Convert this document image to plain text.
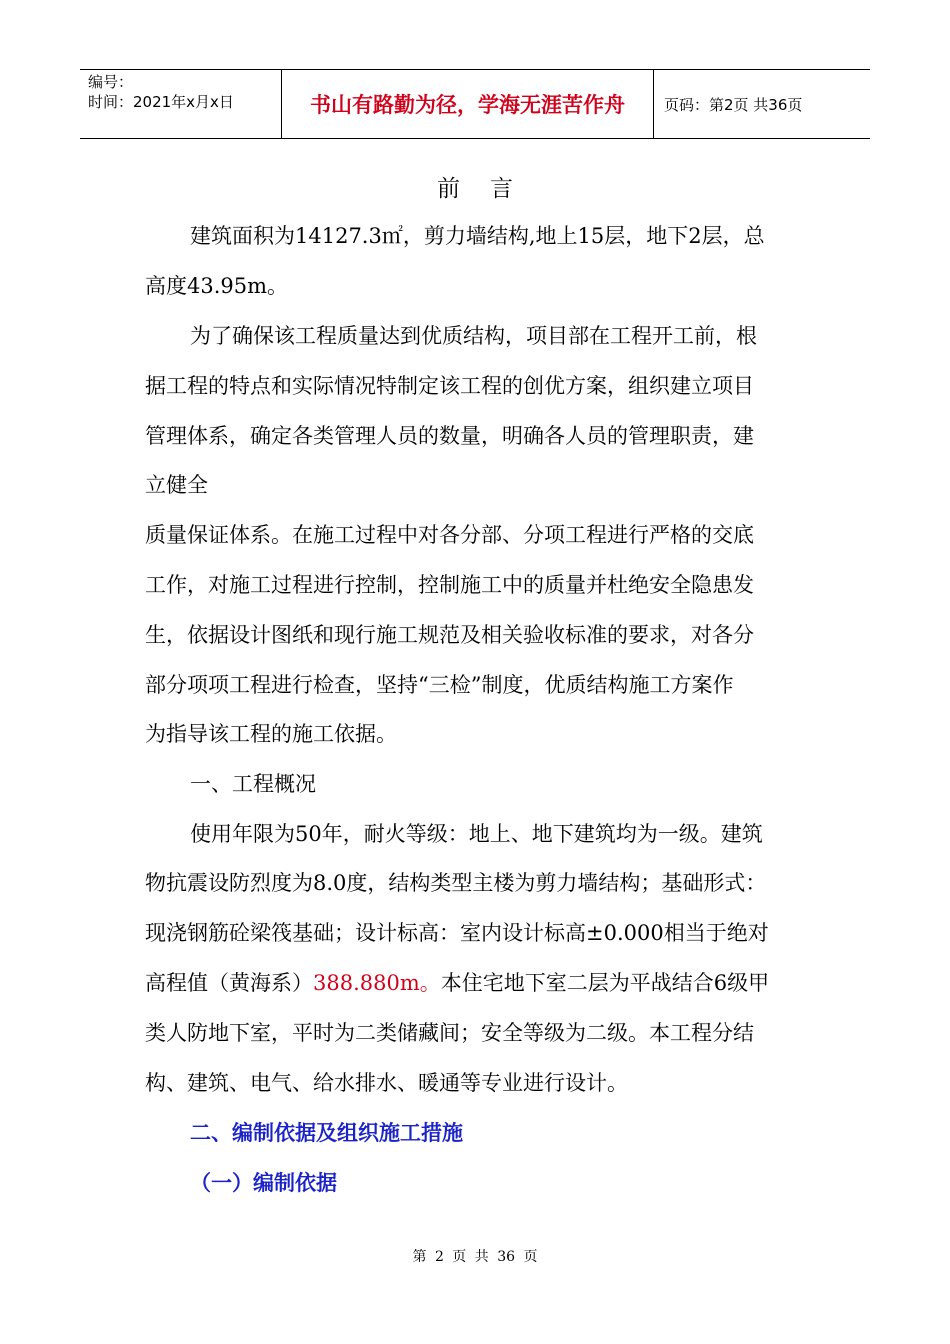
编号：
时间：2021年x月x日	书山有路勤为径，学海无涯苦作舟	页码：第2页 共36页
前言
建筑面积为14127.3㎡，剪力墙结构,地上15层，地下2层，总
高度43.95m。
为了确保该工程质量达到优质结构，项目部在工程开工前，根
据工程的特点和实际情况特制定该工程的创优方案，组织建立项目
管理体系，确定各类管理人员的数量，明确各人员的管理职责，建
立健全
质量保证体系。在施工过程中对各分部、分项工程进行严格的交底
工作，对施工过程进行控制，控制施工中的质量并杜绝安全隐患发
生，依据设计图纸和现行施工规范及相关验收标准的要求，对各分
部分项项工程进行检查，坚持“三检”制度，优质结构施工方案作
为指导该工程的施工依据。
一、工程概况
使用年限为50年，耐火等级：地上、地下建筑均为一级。建筑
物抗震设防烈度为8.0度，结构类型主楼为剪力墙结构；基础形式：
现浇钢筋砼梁筏基础；设计标高：室内设计标高±0.000相当于绝对
高程值（黄海系）388.880m。本住宅地下室二层为平战结合6级甲
类人防地下室，平时为二类储藏间；安全等级为二级。本工程分结
构、建筑、电气、给水排水、暖通等专业进行设计。
二、编制依据及组织施工措施
（一）编制依据
第 2 页 共 36 页
